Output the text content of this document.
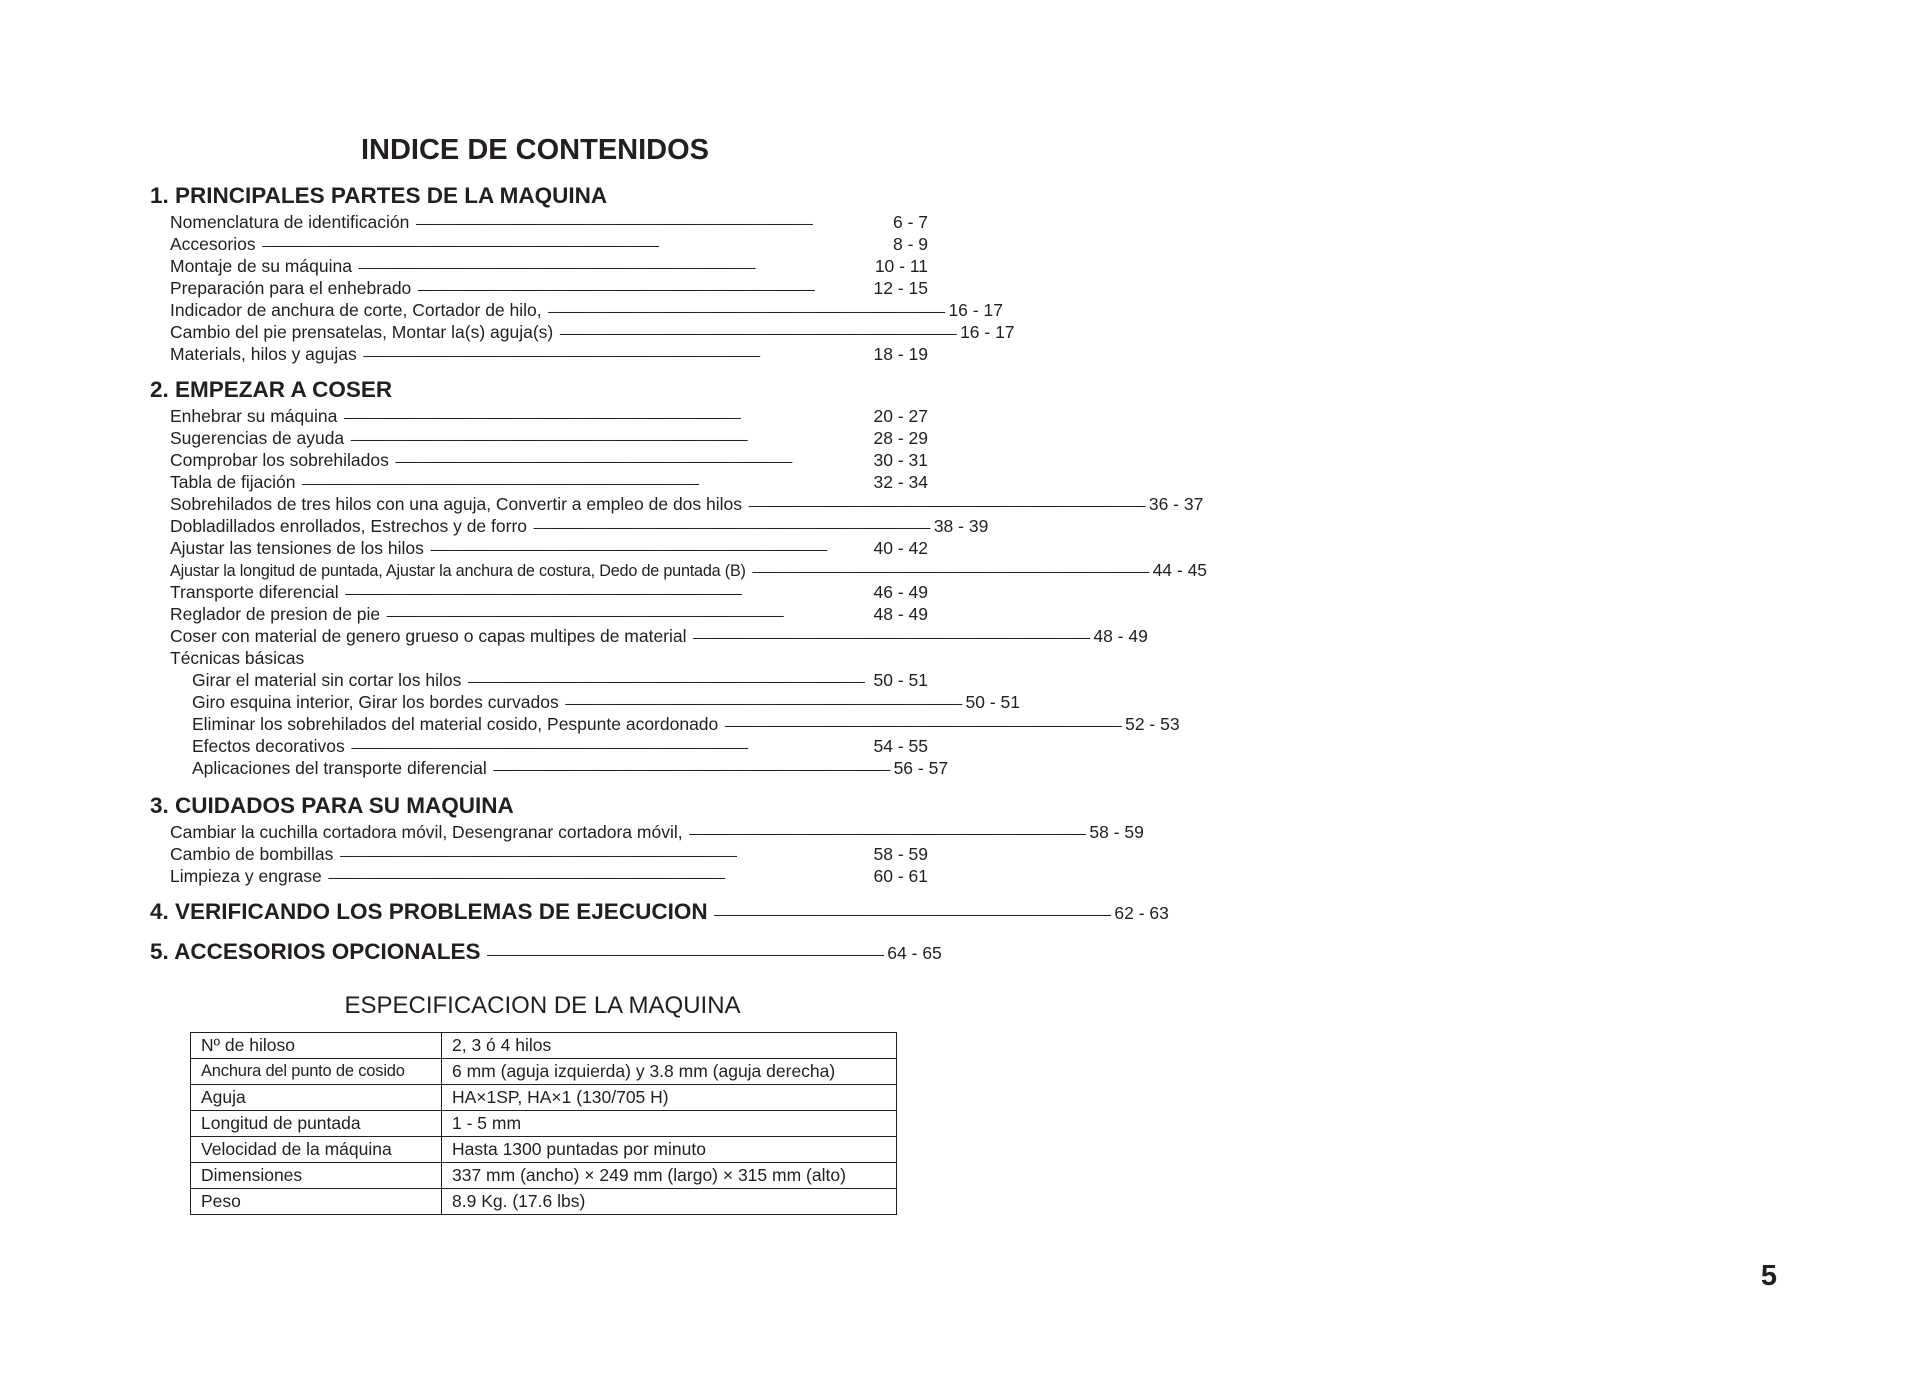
INDICE DE CONTENIDOS
1. PRINCIPALES PARTES DE LA MAQUINA
Nomenclatura de identificación -----------------------------------------------------------------------------------------------------------------------------------	6 - 7
Accesorios -----------------------------------------------------------------------------------------------------------------------------------	8 - 9
Montaje de su máquina -----------------------------------------------------------------------------------------------------------------------------------	10 - 11
Preparación para el enhebrado -----------------------------------------------------------------------------------------------------------------------------------	12 - 15
Indicador de anchura de corte, Cortador de hilo, ----------------------------------------------------------------------------------------------------------------------------------- 16 - 17
Cambio del pie prensatelas, Montar la(s) aguja(s) ----------------------------------------------------------------------------------------------------------------------------------- 16 - 17
Materials, hilos y agujas -----------------------------------------------------------------------------------------------------------------------------------	18 - 19
2. EMPEZAR A COSER
Enhebrar su máquina -----------------------------------------------------------------------------------------------------------------------------------	20 - 27
Sugerencias de ayuda -----------------------------------------------------------------------------------------------------------------------------------	28 - 29
Comprobar los sobrehilados -----------------------------------------------------------------------------------------------------------------------------------	30 - 31
Tabla de fijación -----------------------------------------------------------------------------------------------------------------------------------	32 - 34
Sobrehilados de tres hilos con una aguja, Convertir a empleo de dos hilos ----------------------------------------------------------------------------------------------------------------------------------- 36 - 37
Dobladillados enrollados, Estrechos y de forro ----------------------------------------------------------------------------------------------------------------------------------- 38 - 39
Ajustar las tensiones de los hilos -----------------------------------------------------------------------------------------------------------------------------------	40 - 42
Ajustar la longitud de puntada, Ajustar la anchura de costura, Dedo de puntada (B) ----------------------------------------------------------------------------------------------------------------------------------- 44 - 45
Transporte diferencial -----------------------------------------------------------------------------------------------------------------------------------	46 - 49
Reglador de presion de pie -----------------------------------------------------------------------------------------------------------------------------------	48 - 49
Coser con material de genero grueso o capas multipes de material ----------------------------------------------------------------------------------------------------------------------------------- 48 - 49
Técnicas básicas
Girar el material sin cortar los hilos ----------------------------------------------------------------------------------------------------------------------------------- 50 - 51
Giro esquina interior, Girar los bordes curvados ----------------------------------------------------------------------------------------------------------------------------------- 50 - 51
Eliminar los sobrehilados del material cosido, Pespunte acordonado ----------------------------------------------------------------------------------------------------------------------------------- 52 - 53
Efectos decorativos -----------------------------------------------------------------------------------------------------------------------------------	54 - 55
Aplicaciones del transporte diferencial ----------------------------------------------------------------------------------------------------------------------------------- 56 - 57
3. CUIDADOS PARA SU MAQUINA
Cambiar la cuchilla cortadora móvil, Desengranar cortadora móvil, ----------------------------------------------------------------------------------------------------------------------------------- 58 - 59
Cambio de bombillas -----------------------------------------------------------------------------------------------------------------------------------	58 - 59
Limpieza y engrase -----------------------------------------------------------------------------------------------------------------------------------	60 - 61
4. VERIFICANDO LOS PROBLEMAS DE EJECUCION ----------------------------------------------------------------------------------------------------------------------------------- 62 - 63
5. ACCESORIOS OPCIONALES ----------------------------------------------------------------------------------------------------------------------------------- 64 - 65
ESPECIFICACION DE LA MAQUINA
Nº de hiloso	2, 3 ó 4 hilos
Anchura del punto de cosido	6 mm (aguja izquierda) y 3.8 mm (aguja derecha)
Aguja	HA×1SP, HA×1 (130/705 H)
Longitud de puntada	1 - 5 mm
Velocidad de la máquina	Hasta 1300 puntadas por minuto
Dimensiones	337 mm (ancho) × 249 mm (largo) × 315 mm (alto)
Peso	8.9 Kg. (17.6 lbs)
5
